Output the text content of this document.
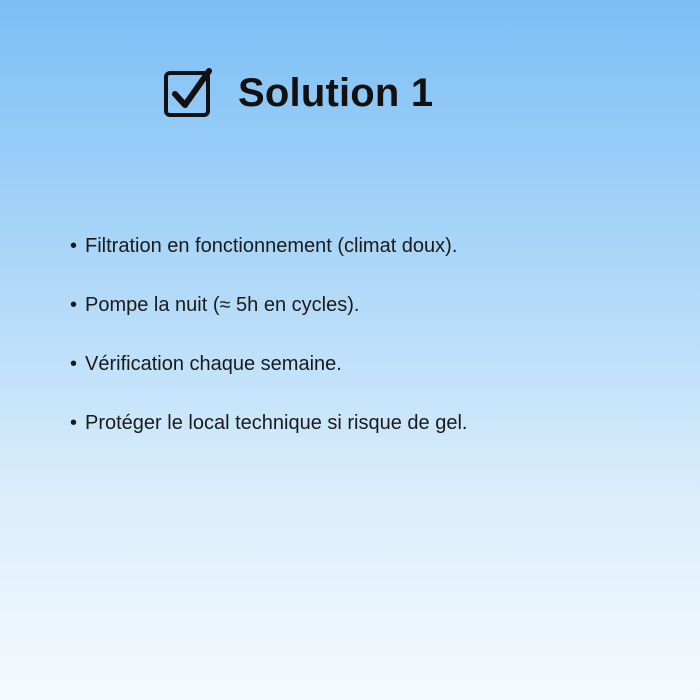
Solution 1
• Filtration en fonctionnement (climat doux).
• Pompe la nuit (≈ 5h en cycles).
• Vérification chaque semaine.
• Protéger le local technique si risque de gel.
